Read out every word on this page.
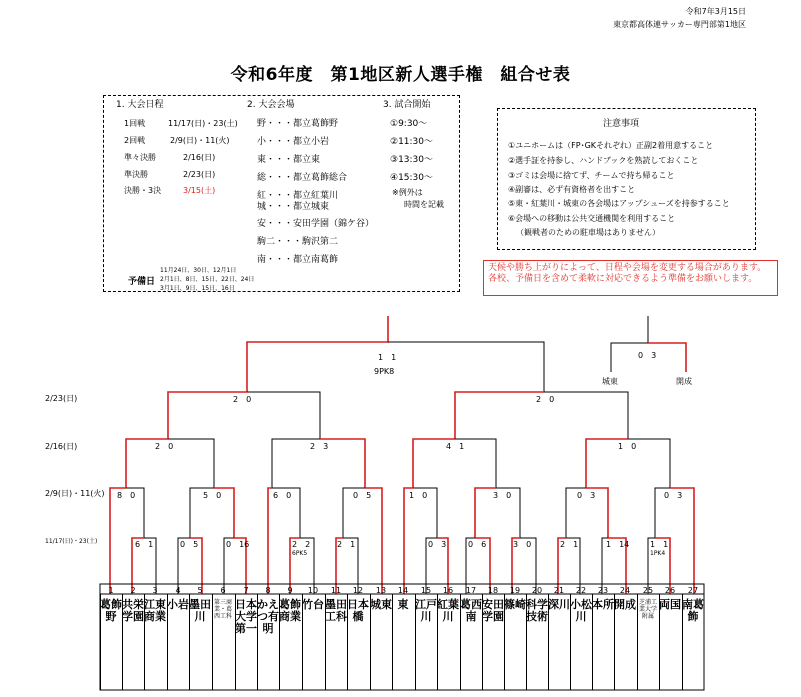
令和7年3月15日
東京都高体連サッカー専門部第1地区
令和6年度　第1地区新人選手権　組合せ表
1. 大会日程
1回戦	11/17(日)・23(土)
2回戦	2/9(日)・11(火)
準々決勝	2/16(日)
準決勝	2/23(日)
決勝・3決	3/15(土)
予備日
11月24日、30日、12月1日
2月1日、8日、15日、22日、24日
3月1日、9日、15日、16日
2. 大会会場
野・・・都立葛飾野
小・・・都立小岩
東・・・都立東
総・・・都立葛飾総合
紅・・・都立紅葉川
城・・・都立城東
安・・・安田学園（錦ケ谷）
駒二・・・駒沢第二
南・・・都立南葛飾
3. 試合開始
①9:30～
②11:30～
③13:30～
④15:30～
※例外は
時間を記載
注意事項
①ユニホームは（FP･GKそれぞれ）正副2着用意すること
②選手証を持参し、ハンドブックを熟読しておくこと
③ゴミは会場に捨てず、チームで持ち帰ること
④副審は、必ず有資格者を出すこと
⑤東・紅葉川・城東の各会場はアップシューズを持参すること
⑥会場への移動は公共交通機関を利用すること
（観戦者のための駐車場はありません）
天候や勝ち上がりによって、日程や会場を変更する場合があります。各校、予備日を含めて柔軟に対応できるよう準備をお願いします。
2/23(日)
2/16(日)
2/9(日)・11(火)
11/17(日)・23(土)
1　1
9PK8
0　3
城東	開成
2　0	2　0
2　0	2　3	4　1	1　0
8　0	5　0	6　0	0　5	1　0	3　0	0　3	0　3
6　1	0　5	0　16	2　2
6PK5
2　1	0　3	0　6	3　0	2　1	1　14	1　1
1PK4
1
葛飾野
2
共栄学園
3
江東商業
4
小岩
5
墨田川
6
第三商業・葛西工科
7
日本大学第一
8
かえつ有明
9
葛飾商業
10
竹台
11
墨田工科
12
日本橋
13
城東
14
東
15
江戸川
16
紅葉川
17
葛西南
18
安田学園
19
篠崎
20
科学技術
21
深川
22
小松川
23
本所
24
開成
25
芝浦工業大学附属
26
両国
27
南葛飾
